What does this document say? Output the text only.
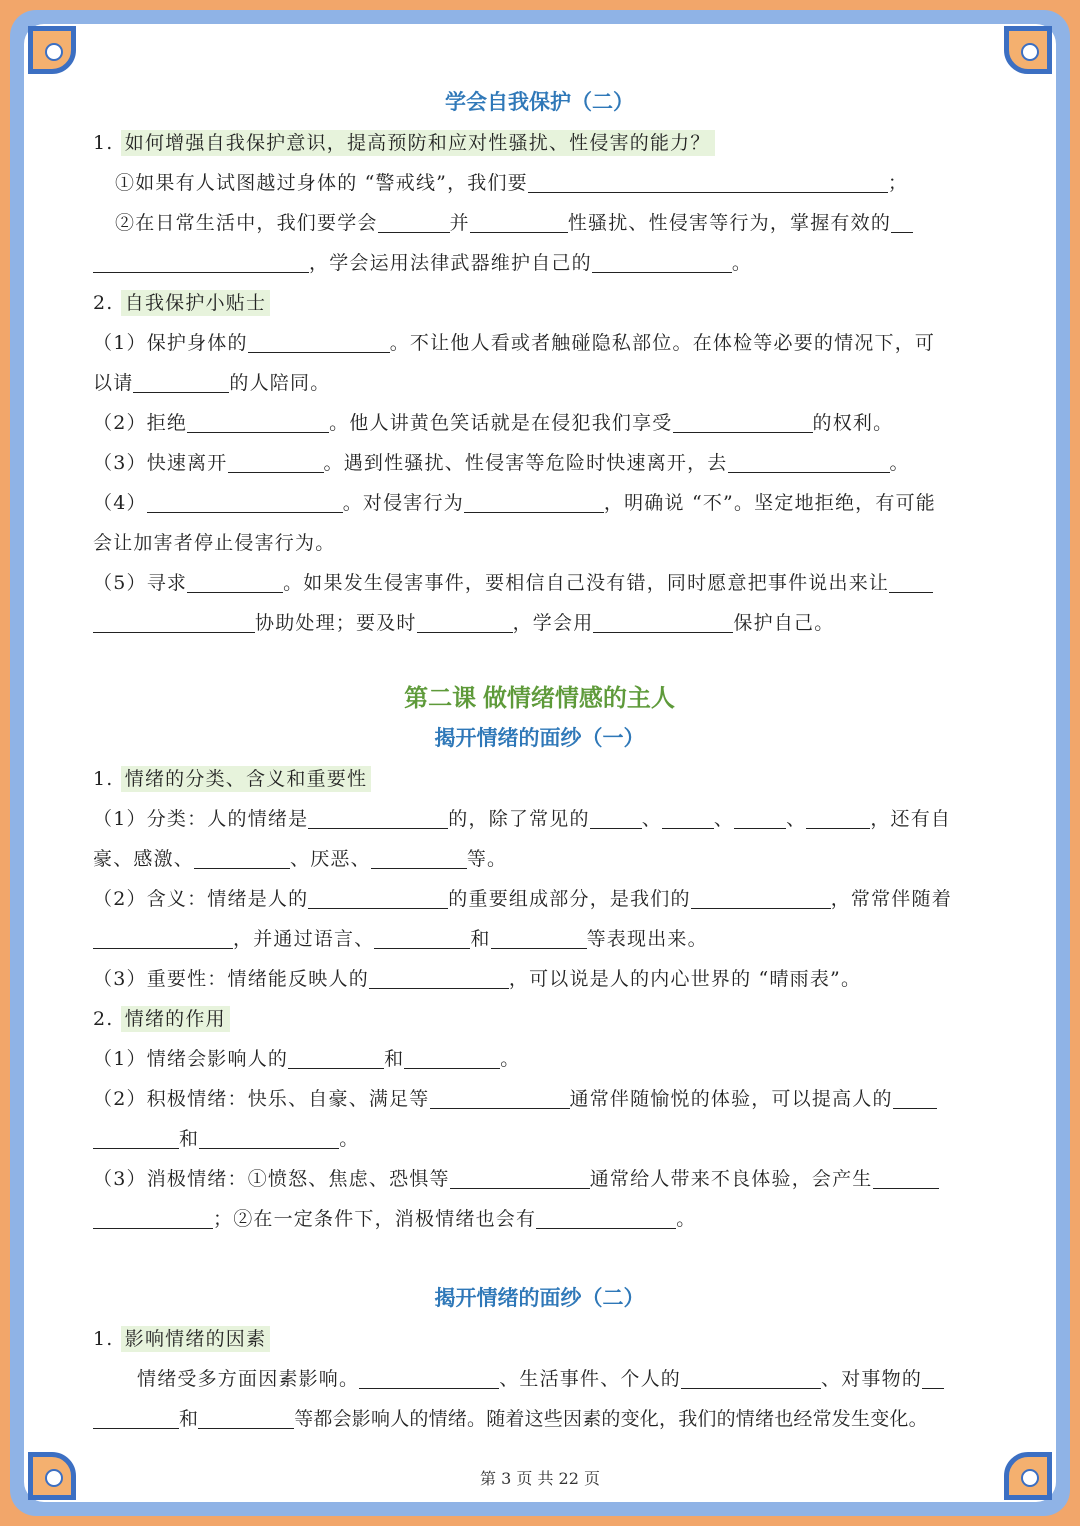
学会自我保护（二）
1. 如何增强自我保护意识，提高预防和应对性骚扰、性侵害的能力？
①如果有人试图越过身体的 “警戒线”，我们要	；
②在日常生活中，我们要学会	并	性骚扰、性侵害等行为，掌握有效的
，学会运用法律武器维护自己的	。
2. 自我保护小贴士
（1）保护身体的	。不让他人看或者触碰隐私部位。在体检等必要的情况下，可
以请	的人陪同。
（2）拒绝	。他人讲黄色笑话就是在侵犯我们享受	的权利。
（3）快速离开	。遇到性骚扰、性侵害等危险时快速离开，去	。
（4）	。对侵害行为	，明确说 “不”。坚定地拒绝，有可能
会让加害者停止侵害行为。
（5）寻求	。如果发生侵害事件，要相信自己没有错，同时愿意把事件说出来让
协助处理；要及时	，学会用	保护自己。
第二课 做情绪情感的主人
揭开情绪的面纱（一）
1. 情绪的分类、含义和重要性
（1）分类：人的情绪是	的，除了常见的	、	、	、	，还有自
豪、感激、	、厌恶、	等。
（2）含义：情绪是人的	的重要组成部分，是我们的	，常常伴随着
，并通过语言、	和	等表现出来。
（3）重要性：情绪能反映人的	，可以说是人的内心世界的 “晴雨表”。
2. 情绪的作用
（1）情绪会影响人的	和	。
（2）积极情绪：快乐、自豪、满足等	通常伴随愉悦的体验，可以提高人的
和	。
（3）消极情绪：①愤怒、焦虑、恐惧等	通常给人带来不良体验，会产生
；②在一定条件下，消极情绪也会有	。
揭开情绪的面纱（二）
1. 影响情绪的因素
情绪受多方面因素影响。	、生活事件、个人的	、对事物的
和	等都会影响人的情绪。随着这些因素的变化，我们的情绪也经常发生变化。
第 3 页 共 22 页
